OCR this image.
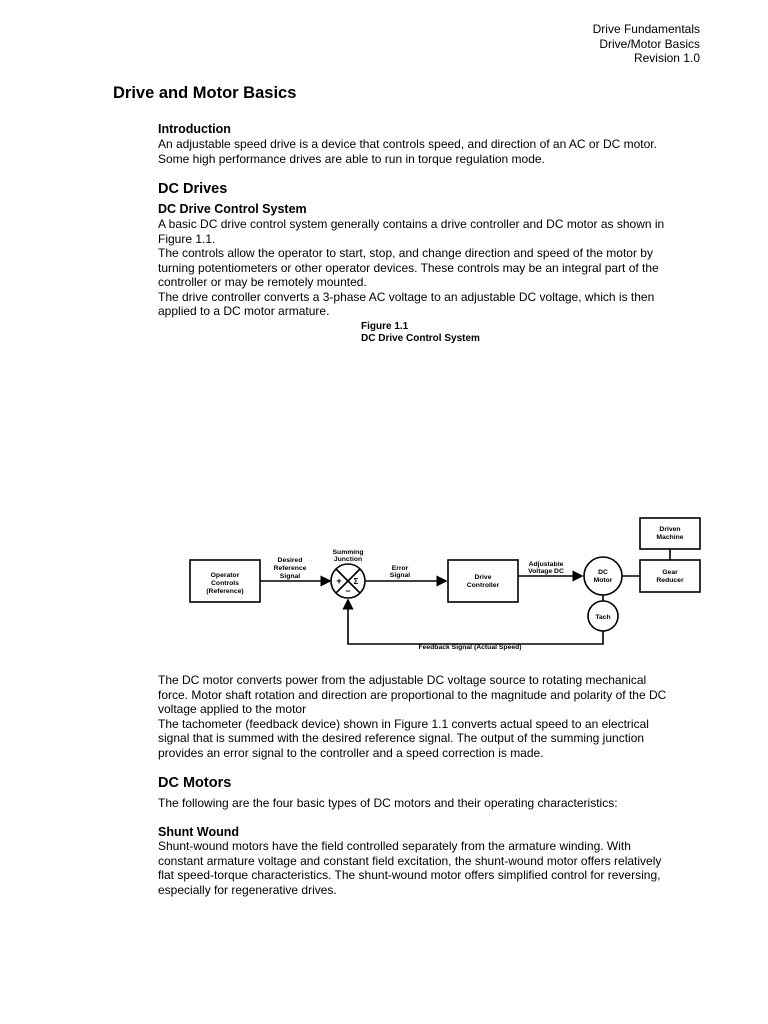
Drive Fundamentals
Drive/Motor Basics
Revision 1.0
Drive and Motor Basics
Introduction

An adjustable speed drive is a device that controls speed, and direction of an AC or DC motor.

Some high performance drives are able to run in torque regulation mode.

DC Drives
DC Drive Control System

A basic DC drive control system generally contains a drive controller and DC motor as shown in

Figure 1.1.

The controls allow the operator to start, stop, and change direction and speed of the motor by

turning potentiometers or other operator devices. These controls may be an integral part of the

controller or may be remotely mounted.

The drive controller converts a 3-phase AC voltage to an adjustable DC voltage, which is then

applied to a DC motor armature.

Figure 1.1
DC Drive Control System
Operator
Controls
(Reference)
Desired
Reference
Signal
Summing
Junction
+ Σ
−
Error
Signal	Drive
Controller
Adjustable
Voltage DC	DC
Motor
Driven
Machine
Gear
Reducer
Tach
Feedback Signal (Actual Speed)

The DC motor converts power from the adjustable DC voltage source to rotating mechanical

force. Motor shaft rotation and direction are proportional to the magnitude and polarity of the DC

voltage applied to the motor

The tachometer (feedback device) shown in Figure 1.1 converts actual speed to an electrical

signal that is summed with the desired reference signal. The output of the summing junction

provides an error signal to the controller and a speed correction is made.

DC Motors
The following are the four basic types of DC motors and their operating characteristics:
Shunt Wound

Shunt-wound motors have the field controlled separately from the armature winding. With

constant armature voltage and constant field excitation, the shunt-wound motor offers relatively

flat speed-torque characteristics. The shunt-wound motor offers simplified control for reversing,

especially for regenerative drives.
